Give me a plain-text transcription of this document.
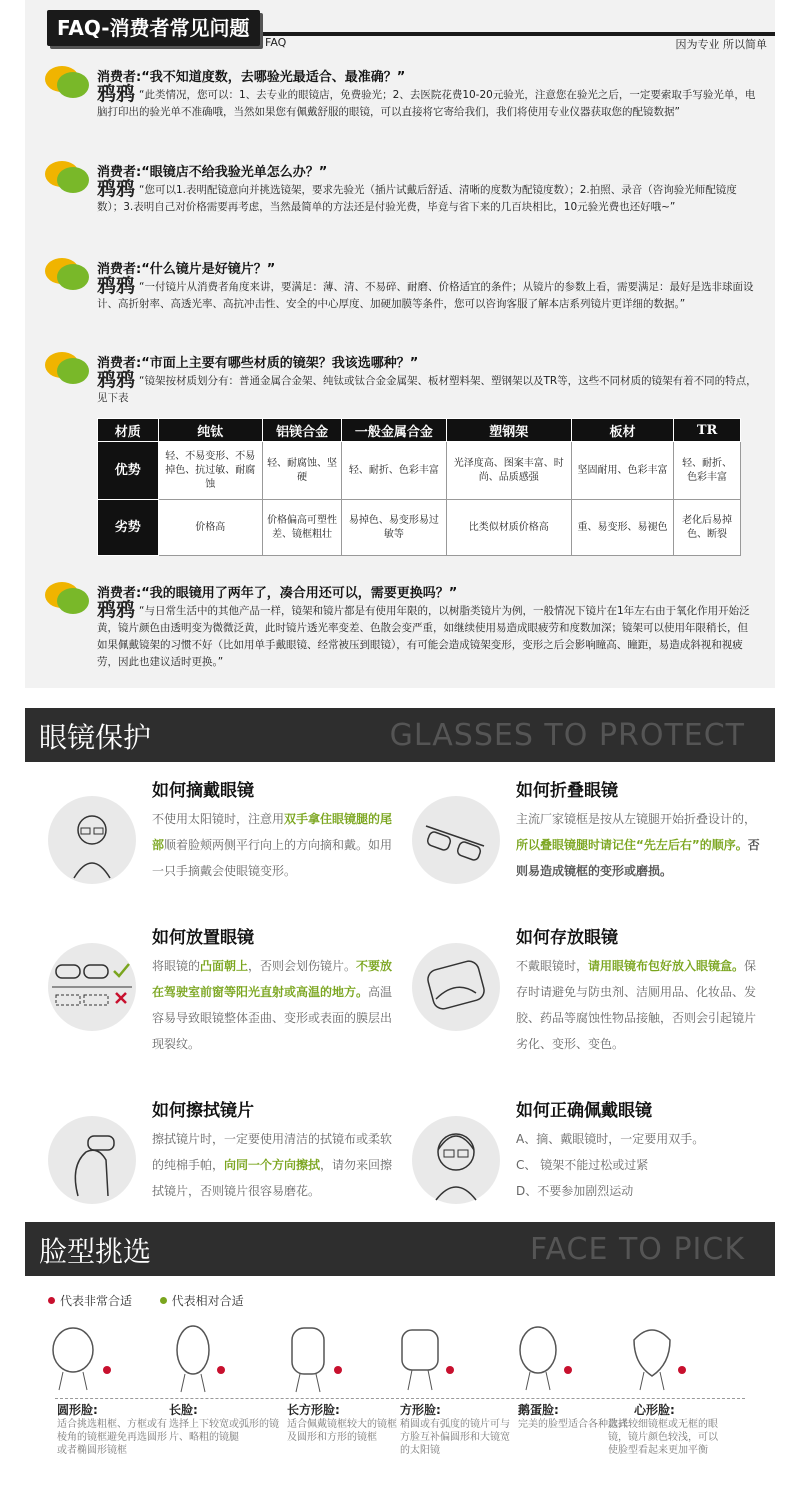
FAQ-消费者常见问题
FAQ	因为专业 所以简单
消费者:“我不知道度数，去哪验光最适合、最准确？”
鸦鸦 “此类情况，您可以：1、去专业的眼镜店，免费验光；2、去医院花费10-20元验光，注意您在验光之后，一定要索取手写验光单，电脑打印出的验光单不准确哦，当然如果您有佩戴舒服的眼镜，可以直接将它寄给我们，我们将使用专业仪器获取您的配镜数据”
消费者:“眼镜店不给我验光单怎么办？”
鸦鸦 “您可以1.表明配镜意向并挑选镜架，要求先验光（插片试戴后舒适、清晰的度数为配镜度数）；2.拍照、录音（咨询验光师配镜度数）；3.表明自己对价格需要再考虑，当然最简单的方法还是付验光费，毕竟与省下来的几百块相比，10元验光费也还好哦~”
消费者:“什么镜片是好镜片？”
鸦鸦 “一付镜片从消费者角度来讲，要满足：薄、清、不易碎、耐磨、价格适宜的条件；从镜片的参数上看，需要满足：最好是选非球面设计、高折射率、高透光率、高抗冲击性、安全的中心厚度、加硬加膜等条件，您可以咨询客服了解本店系列镜片更详细的数据。”
消费者:“市面上主要有哪些材质的镜架？我该选哪种？”
鸦鸦 “镜架按材质划分有：普通金属合金架、纯钛或钛合金金属架、板材塑料架、塑钢架以及TR等，这些不同材质的镜架有着不同的特点，见下表
材质	纯钛	铝镁合金	一般金属合金	塑钢架	板材	TR
优势	轻、不易变形、不易掉色、抗过敏、耐腐蚀	轻、耐腐蚀、坚硬	轻、耐折、色彩丰富	光泽度高、图案丰富、时尚、品质感强	坚固耐用、色彩丰富	轻、耐折、色彩丰富
劣势	价格高	价格偏高可塑性差、镜框粗壮	易掉色、易变形易过敏等	比类似材质价格高	重、易变形、易褪色	老化后易掉色、断裂
消费者:“我的眼镜用了两年了，凑合用还可以，需要更换吗？”
鸦鸦 “与日常生活中的其他产品一样，镜架和镜片都是有使用年限的，以树脂类镜片为例，一般情况下镜片在1年左右由于氧化作用开始泛黄，镜片颜色由透明变为微微泛黄，此时镜片透光率变差、色散会变严重，如继续使用易造成眼疲劳和度数加深；镜架可以使用年限稍长，但如果佩戴镜架的习惯不好（比如用单手戴眼镜、经常被压到眼镜），有可能会造成镜架变形，变形之后会影响瞳高、瞳距，易造成斜视和视疲劳，因此也建议适时更换。”
眼镜保护	GLASSES TO PROTECT
如何摘戴眼镜

不使用太阳镜时，注意用双手拿住眼镜腿的尾部顺着脸颊两侧平行向上的方向摘和戴。如用一只手摘戴会使眼镜变形。

如何折叠眼镜

主流厂家镜框是按从左镜腿开始折叠设计的，所以叠眼镜腿时请记住“先左后右”的顺序。否则易造成镜框的变形或磨损。

如何放置眼镜

将眼镜的凸面朝上，否则会划伤镜片。不要放在驾驶室前窗等阳光直射或高温的地方。高温容易导致眼镜整体歪曲、变形或表面的膜层出现裂纹。

如何存放眼镜

不戴眼镜时，请用眼镜布包好放入眼镜盒。保存时请避免与防虫剂、洁厕用品、化妆品、发胶、药品等腐蚀性物品接触，否则会引起镜片劣化、变形、变色。

如何擦拭镜片

擦拭镜片时，一定要使用清洁的拭镜布或柔软的纯棉手帕，向同一个方向擦拭，请勿来回擦拭镜片，否则镜片很容易磨花。

如何正确佩戴眼镜

A、摘、戴眼镜时，一定要用双手。
C、 镜架不能过松或过紧
D、不要参加剧烈运动

脸型挑选	FACE TO PICK
代表非常合适	代表相对合适
圆形脸:
适合挑选粗框、方框或有棱角的镜框避免再选圆形或者椭圆形镜框
长脸:
选择上下较宽或弧形的镜片、略粗的镜腿
长方形脸:
适合佩戴镜框较大的镜框及圆形和方形的镜框
方形脸:
稍圆或有弧度的镜片可与方脸互补偏圆形和大镜宽的太阳镜
鹅蛋脸:
完美的脸型适合各种款式
心形脸:
选择较细镜框或无框的眼镜，镜片颜色较浅，可以使脸型看起来更加平衡
